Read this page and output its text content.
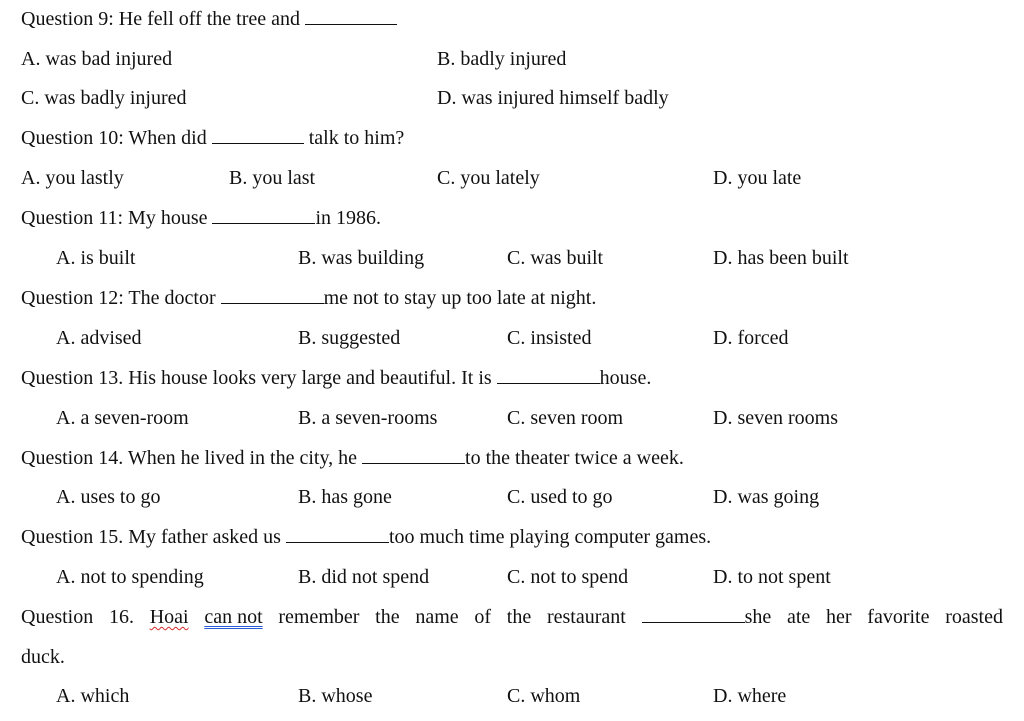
Question 9: He fell off the tree and
A. was bad injured	B. badly injured
C. was badly injured	D. was injured himself badly
Question 10: When did	talk to him?
A. you lastly	B. you last	C. you lately	D. you late
Question 11: My house	in 1986.
A. is built	B. was building	C. was built	D. has been built
Question 12: The doctor	me not to stay up too late at night.
A. advised	B. suggested	C. insisted	D. forced
Question 13. His house looks very large and beautiful. It is	house.
A. a seven-room	B. a seven-rooms	C. seven room	D. seven rooms
Question 14. When he lived in the city, he	to the theater twice a week.
A. uses to go	B. has gone	C. used to go	D. was going
Question 15. My father asked us	too much time playing computer games.
A. not to spending	B. did not spend	C. not to spend	D. to not spent
Question 16. Hoai can not remember the name of the restaurant	she ate her favorite roasted
duck.
A. which	B. whose	C. whom	D. where
